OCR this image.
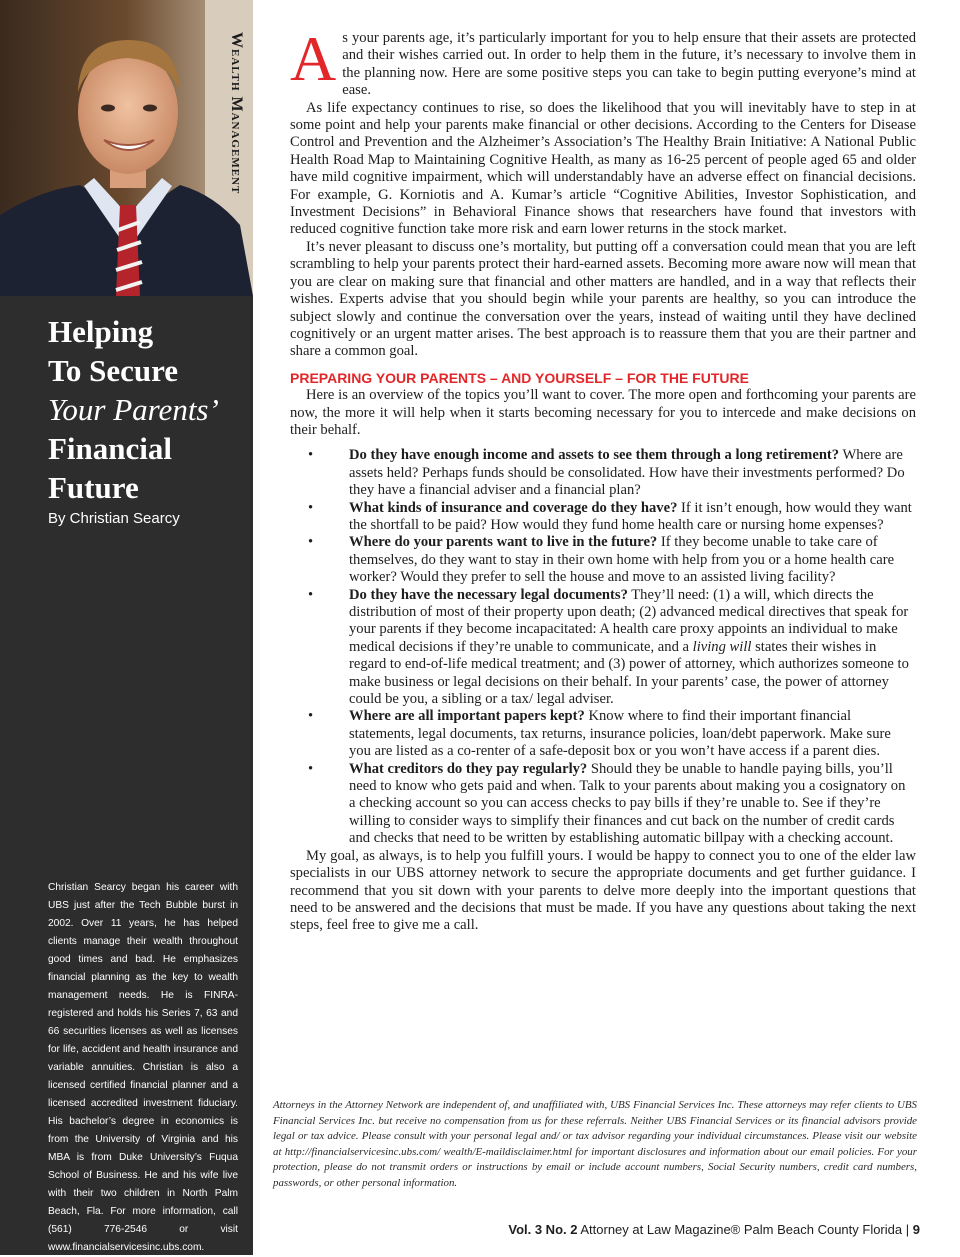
Wealth Management
Helping
To Secure
Your Parents’
Financial
Future
By Christian Searcy
Christian Searcy began his career with UBS just after the Tech Bubble burst in 2002. Over 11 years, he has helped clients manage their wealth throughout good times and bad. He emphasizes financial planning as the key to wealth management needs. He is FINRA-registered and holds his Series 7, 63 and 66 securities licenses as well as licenses for life, accident and health insurance and variable annuities. Christian is also a licensed certified financial planner and a licensed accredited investment fiduciary. His bachelor’s degree in economics is from the University of Virginia and his MBA is from Duke University’s Fuqua School of Business. He and his wife live with their two children in North Palm Beach, Fla. For more information, call (561) 776-2546 or visit www.financialservicesinc.ubs.com.

As your parents age, it’s particularly important for you to help ensure that their assets are protected and their wishes carried out. In order to help them in the future, it’s necessary to involve them in the planning now. Here are some positive steps you can take to begin putting everyone’s mind at ease.

As life expectancy continues to rise, so does the likelihood that you will inevitably have to step in at some point and help your parents make financial or other decisions. According to the Centers for Disease Control and Prevention and the Alzheimer’s Association’s The Healthy Brain Initiative: A National Public Health Road Map to Maintaining Cognitive Health, as many as 16-25 percent of people aged 65 and older have mild cognitive impairment, which will understandably have an adverse effect on financial decisions. For example, G. Korniotis and A. Kumar’s article “Cognitive Abilities, Investor Sophistication, and Investment Decisions” in Behavioral Finance shows that researchers have found that investors with reduced cognitive function take more risk and earn lower returns in the stock market.

It’s never pleasant to discuss one’s mortality, but putting off a conversation could mean that you are left scrambling to help your parents protect their hard-earned assets. Becoming more aware now will mean that you are clear on making sure that financial and other matters are handled, and in a way that reflects their wishes. Experts advise that you should begin while your parents are healthy, so you can introduce the subject slowly and continue the conversation over the years, instead of waiting until they have declined cognitively or an urgent matter arises. The best approach is to reassure them that you are their partner and share a common goal.

PREPARING YOUR PARENTS – AND YOURSELF – FOR THE FUTURE

Here is an overview of the topics you’ll want to cover. The more open and forthcoming your parents are now, the more it will help when it starts becoming necessary for you to intercede and make decisions on their behalf.

• Do they have enough income and assets to see them through a long retirement? Where are assets held? Perhaps funds should be consolidated. How have their investments performed? Do they have a financial adviser and a financial plan?
• What kinds of insurance and coverage do they have? If it isn’t enough, how would they want the shortfall to be paid? How would they fund home health care or nursing home expenses?
• Where do your parents want to live in the future? If they become unable to take care of themselves, do they want to stay in their own home with help from you or a home health care worker? Would they prefer to sell the house and move to an assisted living facility?
• Do they have the necessary legal documents? They’ll need: (1) a will, which directs the distribution of most of their property upon death; (2) advanced medical directives that speak for your parents if they become incapacitated: A health care proxy appoints an individual to make medical decisions if they’re unable to communicate, and a living will states their wishes in regard to end-of-life medical treatment; and (3) power of attorney, which authorizes someone to make business or legal decisions on their behalf. In your parents’ case, the power of attorney could be you, a sibling or a tax/ legal adviser.
• Where are all important papers kept? Know where to find their important financial statements, legal documents, tax returns, insurance policies, loan/debt paperwork. Make sure you are listed as a co-renter of a safe-deposit box or you won’t have access if a parent dies.
• What creditors do they pay regularly? Should they be unable to handle paying bills, you’ll need to know who gets paid and when. Talk to your parents about making you a cosignatory on a checking account so you can access checks to pay bills if they’re unable to. See if they’re willing to consider ways to simplify their finances and cut back on the number of credit cards and checks that need to be written by establishing automatic billpay with a checking account.

My goal, as always, is to help you fulfill yours. I would be happy to connect you to one of the elder law specialists in our UBS attorney network to secure the appropriate documents and get further guidance. I recommend that you sit down with your parents to delve more deeply into the important questions that need to be answered and the decisions that must be made. If you have any questions about taking the next steps, feel free to give me a call.

Attorneys in the Attorney Network are independent of, and unaffiliated with, UBS Financial Services Inc. These attorneys may refer clients to UBS Financial Services Inc. but receive no compensation from us for these referrals. Neither UBS Financial Services or its financial advisors provide legal or tax advice. Please consult with your personal legal and/ or tax advisor regarding your individual circumstances. Please visit our website at http://financialservicesinc.ubs.com/ wealth/E-maildisclaimer.html for important disclosures and information about our email policies. For your protection, please do not transmit orders or instructions by email or include account numbers, Social Security numbers, credit card numbers, passwords, or other personal information.
Vol. 3 No. 2 Attorney at Law Magazine® Palm Beach County Florida | 9
